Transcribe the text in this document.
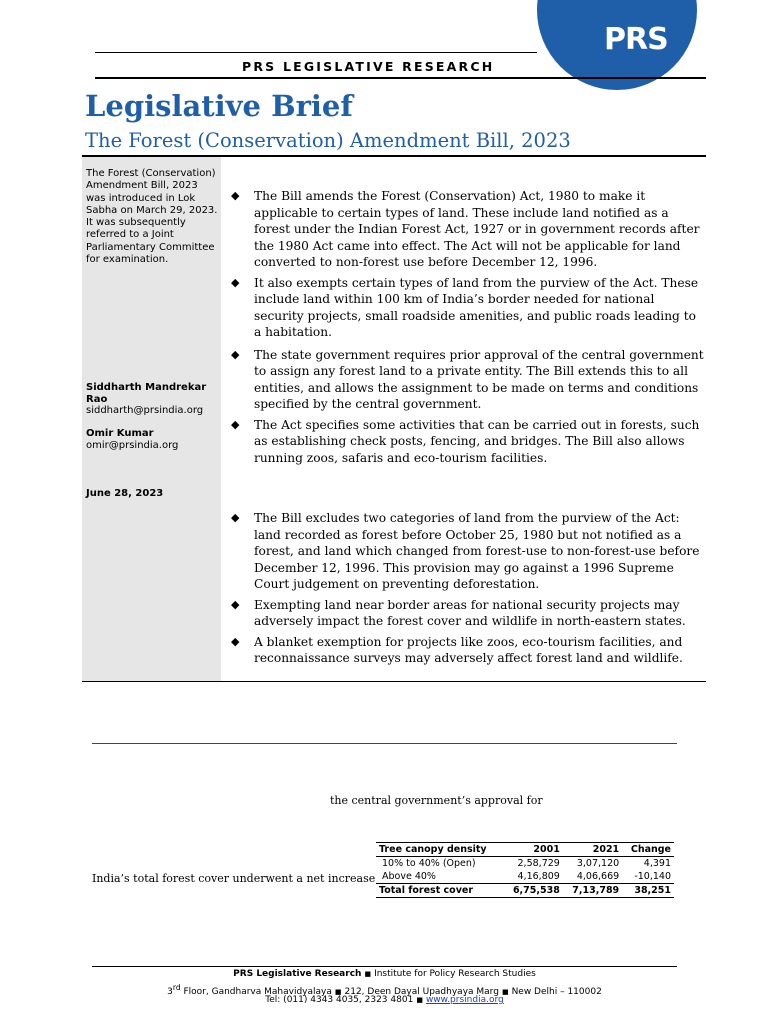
PRS
PRS LEGISLATIVE RESEARCH
Legislative Brief
The Forest (Conservation) Amendment Bill, 2023
The Forest (Conservation) Amendment Bill, 2023 was introduced in Lok Sabha on March 29, 2023. It was subsequently referred to a Joint Parliamentary Committee for examination.
Siddharth Mandrekar Rao
siddharth@prsindia.org
Omir Kumar
omir@prsindia.org
June 28, 2023
◆ The Bill amends the Forest (Conservation) Act, 1980 to make it applicable to certain types of land. These include land notified as a forest under the Indian Forest Act, 1927 or in government records after the 1980 Act came into effect. The Act will not be applicable for land converted to non-forest use before December 12, 1996.
◆ It also exempts certain types of land from the purview of the Act. These include land within 100 km of India’s border needed for national security projects, small roadside amenities, and public roads leading to a habitation.
◆ The state government requires prior approval of the central government to assign any forest land to a private entity. The Bill extends this to all entities, and allows the assignment to be made on terms and conditions specified by the central government.
◆ The Act specifies some activities that can be carried out in forests, such as establishing check posts, fencing, and bridges. The Bill also allows running zoos, safaris and eco-tourism facilities.
◆ The Bill excludes two categories of land from the purview of the Act: land recorded as forest before October 25, 1980 but not notified as a forest, and land which changed from forest-use to non-forest-use before December 12, 1996. This provision may go against a 1996 Supreme Court judgement on preventing deforestation.
◆ Exempting land near border areas for national security projects may adversely impact the forest cover and wildlife in north-eastern states.
◆ A blanket exemption for projects like zoos, eco-tourism facilities, and reconnaissance surveys may adversely affect forest land and wildlife.
the central government’s approval for
India’s total forest cover underwent a net increase
Tree canopy density	2001	2021	Change
10% to 40% (Open)	2,58,729	3,07,120	4,391
Above 40%	4,16,809	4,06,669	-10,140
Total forest cover	6,75,538	7,13,789	38,251
PRS Legislative Research ■ Institute for Policy Research Studies
3rd Floor, Gandharva Mahavidyalaya ■ 212, Deen Dayal Upadhyaya Marg ■ New Delhi – 110002
Tel: (011) 4343 4035, 2323 4801 ■ www.prsindia.org
